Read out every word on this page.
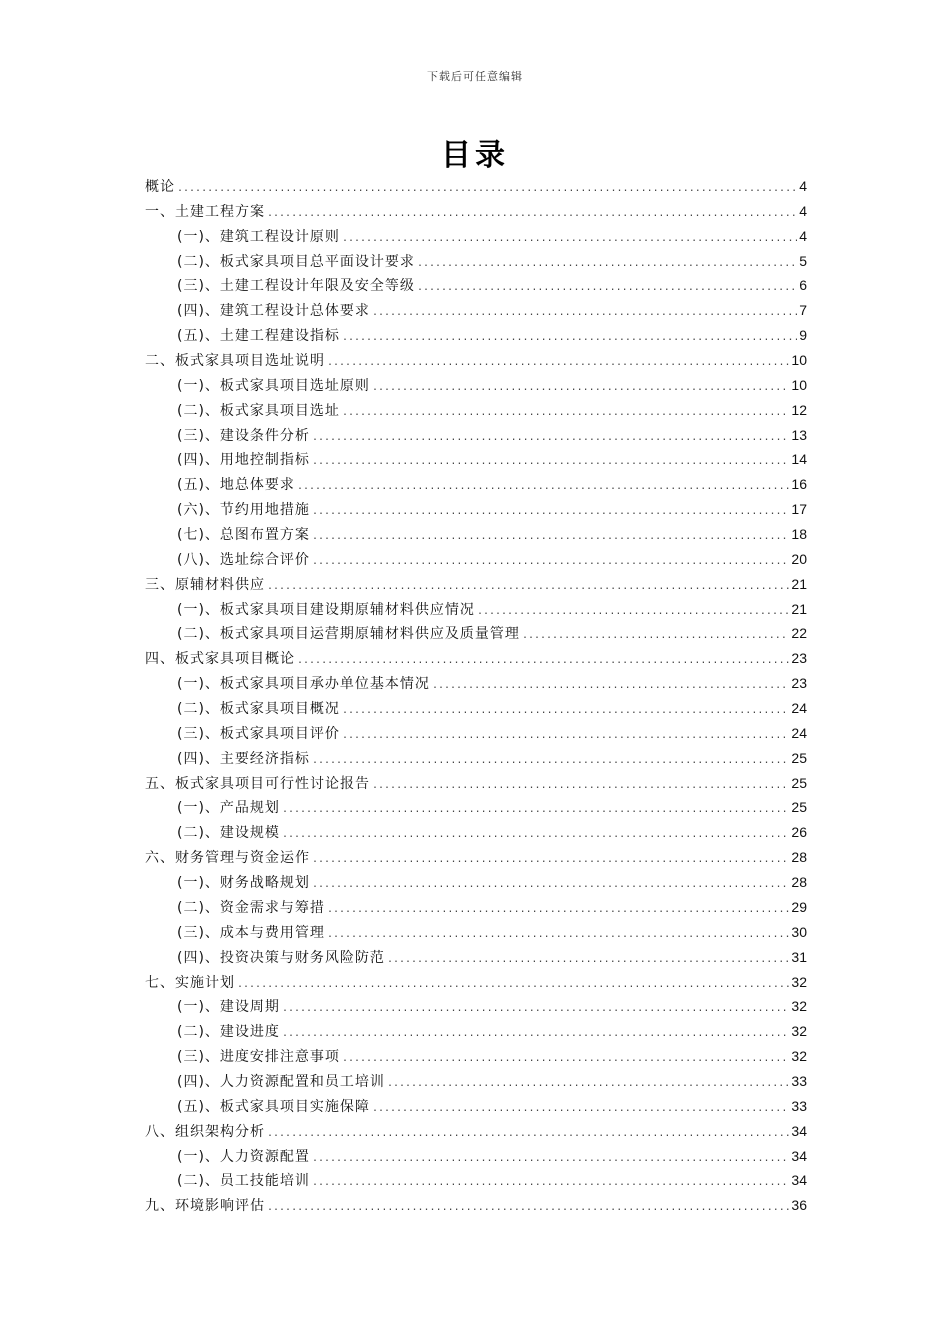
下载后可任意编辑
目录
概论 .....	4
一、土建工程方案 .....	4
(一)、建筑工程设计原则 .....	4
(二)、板式家具项目总平面设计要求 .....	5
(三)、土建工程设计年限及安全等级 .....	6
(四)、建筑工程设计总体要求 .....	7
(五)、土建工程建设指标 .....	9
二、板式家具项目选址说明 .....	10
(一)、板式家具项目选址原则 .....	10
(二)、板式家具项目选址 .....	12
(三)、建设条件分析 .....	13
(四)、用地控制指标 .....	14
(五)、地总体要求 .....	16
(六)、节约用地措施 .....	17
(七)、总图布置方案 .....	18
(八)、选址综合评价 .....	20
三、原辅材料供应 .....	21
(一)、板式家具项目建设期原辅材料供应情况 .....	21
(二)、板式家具项目运营期原辅材料供应及质量管理 .....	22
四、板式家具项目概论 .....	23
(一)、板式家具项目承办单位基本情况 .....	23
(二)、板式家具项目概况 .....	24
(三)、板式家具项目评价 .....	24
(四)、主要经济指标 .....	25
五、板式家具项目可行性讨论报告 .....	25
(一)、产品规划 .....	25
(二)、建设规模 .....	26
六、财务管理与资金运作 .....	28
(一)、财务战略规划 .....	28
(二)、资金需求与筹措 .....	29
(三)、成本与费用管理 .....	30
(四)、投资决策与财务风险防范 .....	31
七、实施计划 .....	32
(一)、建设周期 .....	32
(二)、建设进度 .....	32
(三)、进度安排注意事项 .....	32
(四)、人力资源配置和员工培训 .....	33
(五)、板式家具项目实施保障 .....	33
八、组织架构分析 .....	34
(一)、人力资源配置 .....	34
(二)、员工技能培训 .....	34
九、环境影响评估 .....	36
